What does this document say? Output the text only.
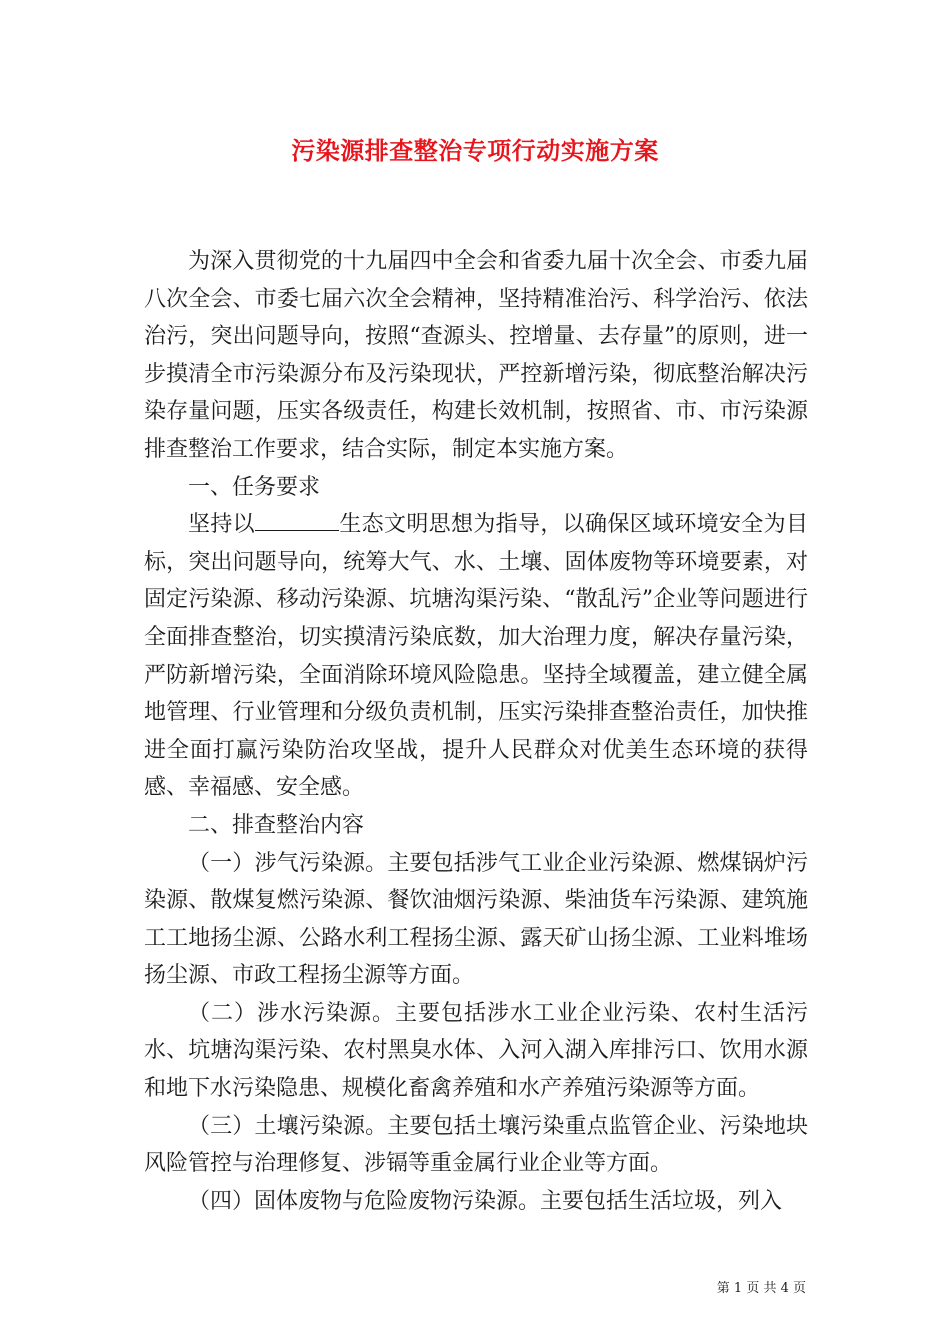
污染源排查整治专项行动实施方案

为深入贯彻党的十九届四中全会和省委九届十次全会、市委九届八次全会、市委七届六次全会精神，坚持精准治污、科学治污、依法治污，突出问题导向，按照“查源头、控增量、去存量”的原则，进一步摸清全市污染源分布及污染现状，严控新增污染，彻底整治解决污染存量问题，压实各级责任，构建长效机制，按照省、市、市污染源排查整治工作要求，结合实际，制定本实施方案。

一、任务要求

坚持以	生态文明思想为指导，以确保区域环境安全为目标，突出问题导向，统筹大气、水、土壤、固体废物等环境要素，对固定污染源、移动污染源、坑塘沟渠污染、“散乱污”企业等问题进行全面排查整治，切实摸清污染底数，加大治理力度，解决存量污染，严防新增污染，全面消除环境风险隐患。坚持全域覆盖，建立健全属地管理、行业管理和分级负责机制，压实污染排查整治责任，加快推进全面打赢污染防治攻坚战，提升人民群众对优美生态环境的获得感、幸福感、安全感。

二、排查整治内容

（一）涉气污染源。主要包括涉气工业企业污染源、燃煤锅炉污染源、散煤复燃污染源、餐饮油烟污染源、柴油货车污染源、建筑施工工地扬尘源、公路水利工程扬尘源、露天矿山扬尘源、工业料堆场扬尘源、市政工程扬尘源等方面。

（二）涉水污染源。主要包括涉水工业企业污染、农村生活污水、坑塘沟渠污染、农村黑臭水体、入河入湖入库排污口、饮用水源和地下水污染隐患、规模化畜禽养殖和水产养殖污染源等方面。

（三）土壤污染源。主要包括土壤污染重点监管企业、污染地块风险管控与治理修复、涉镉等重金属行业企业等方面。

（四）固体废物与危险废物污染源。主要包括生活垃圾，列入

第 1 页 共 4 页
